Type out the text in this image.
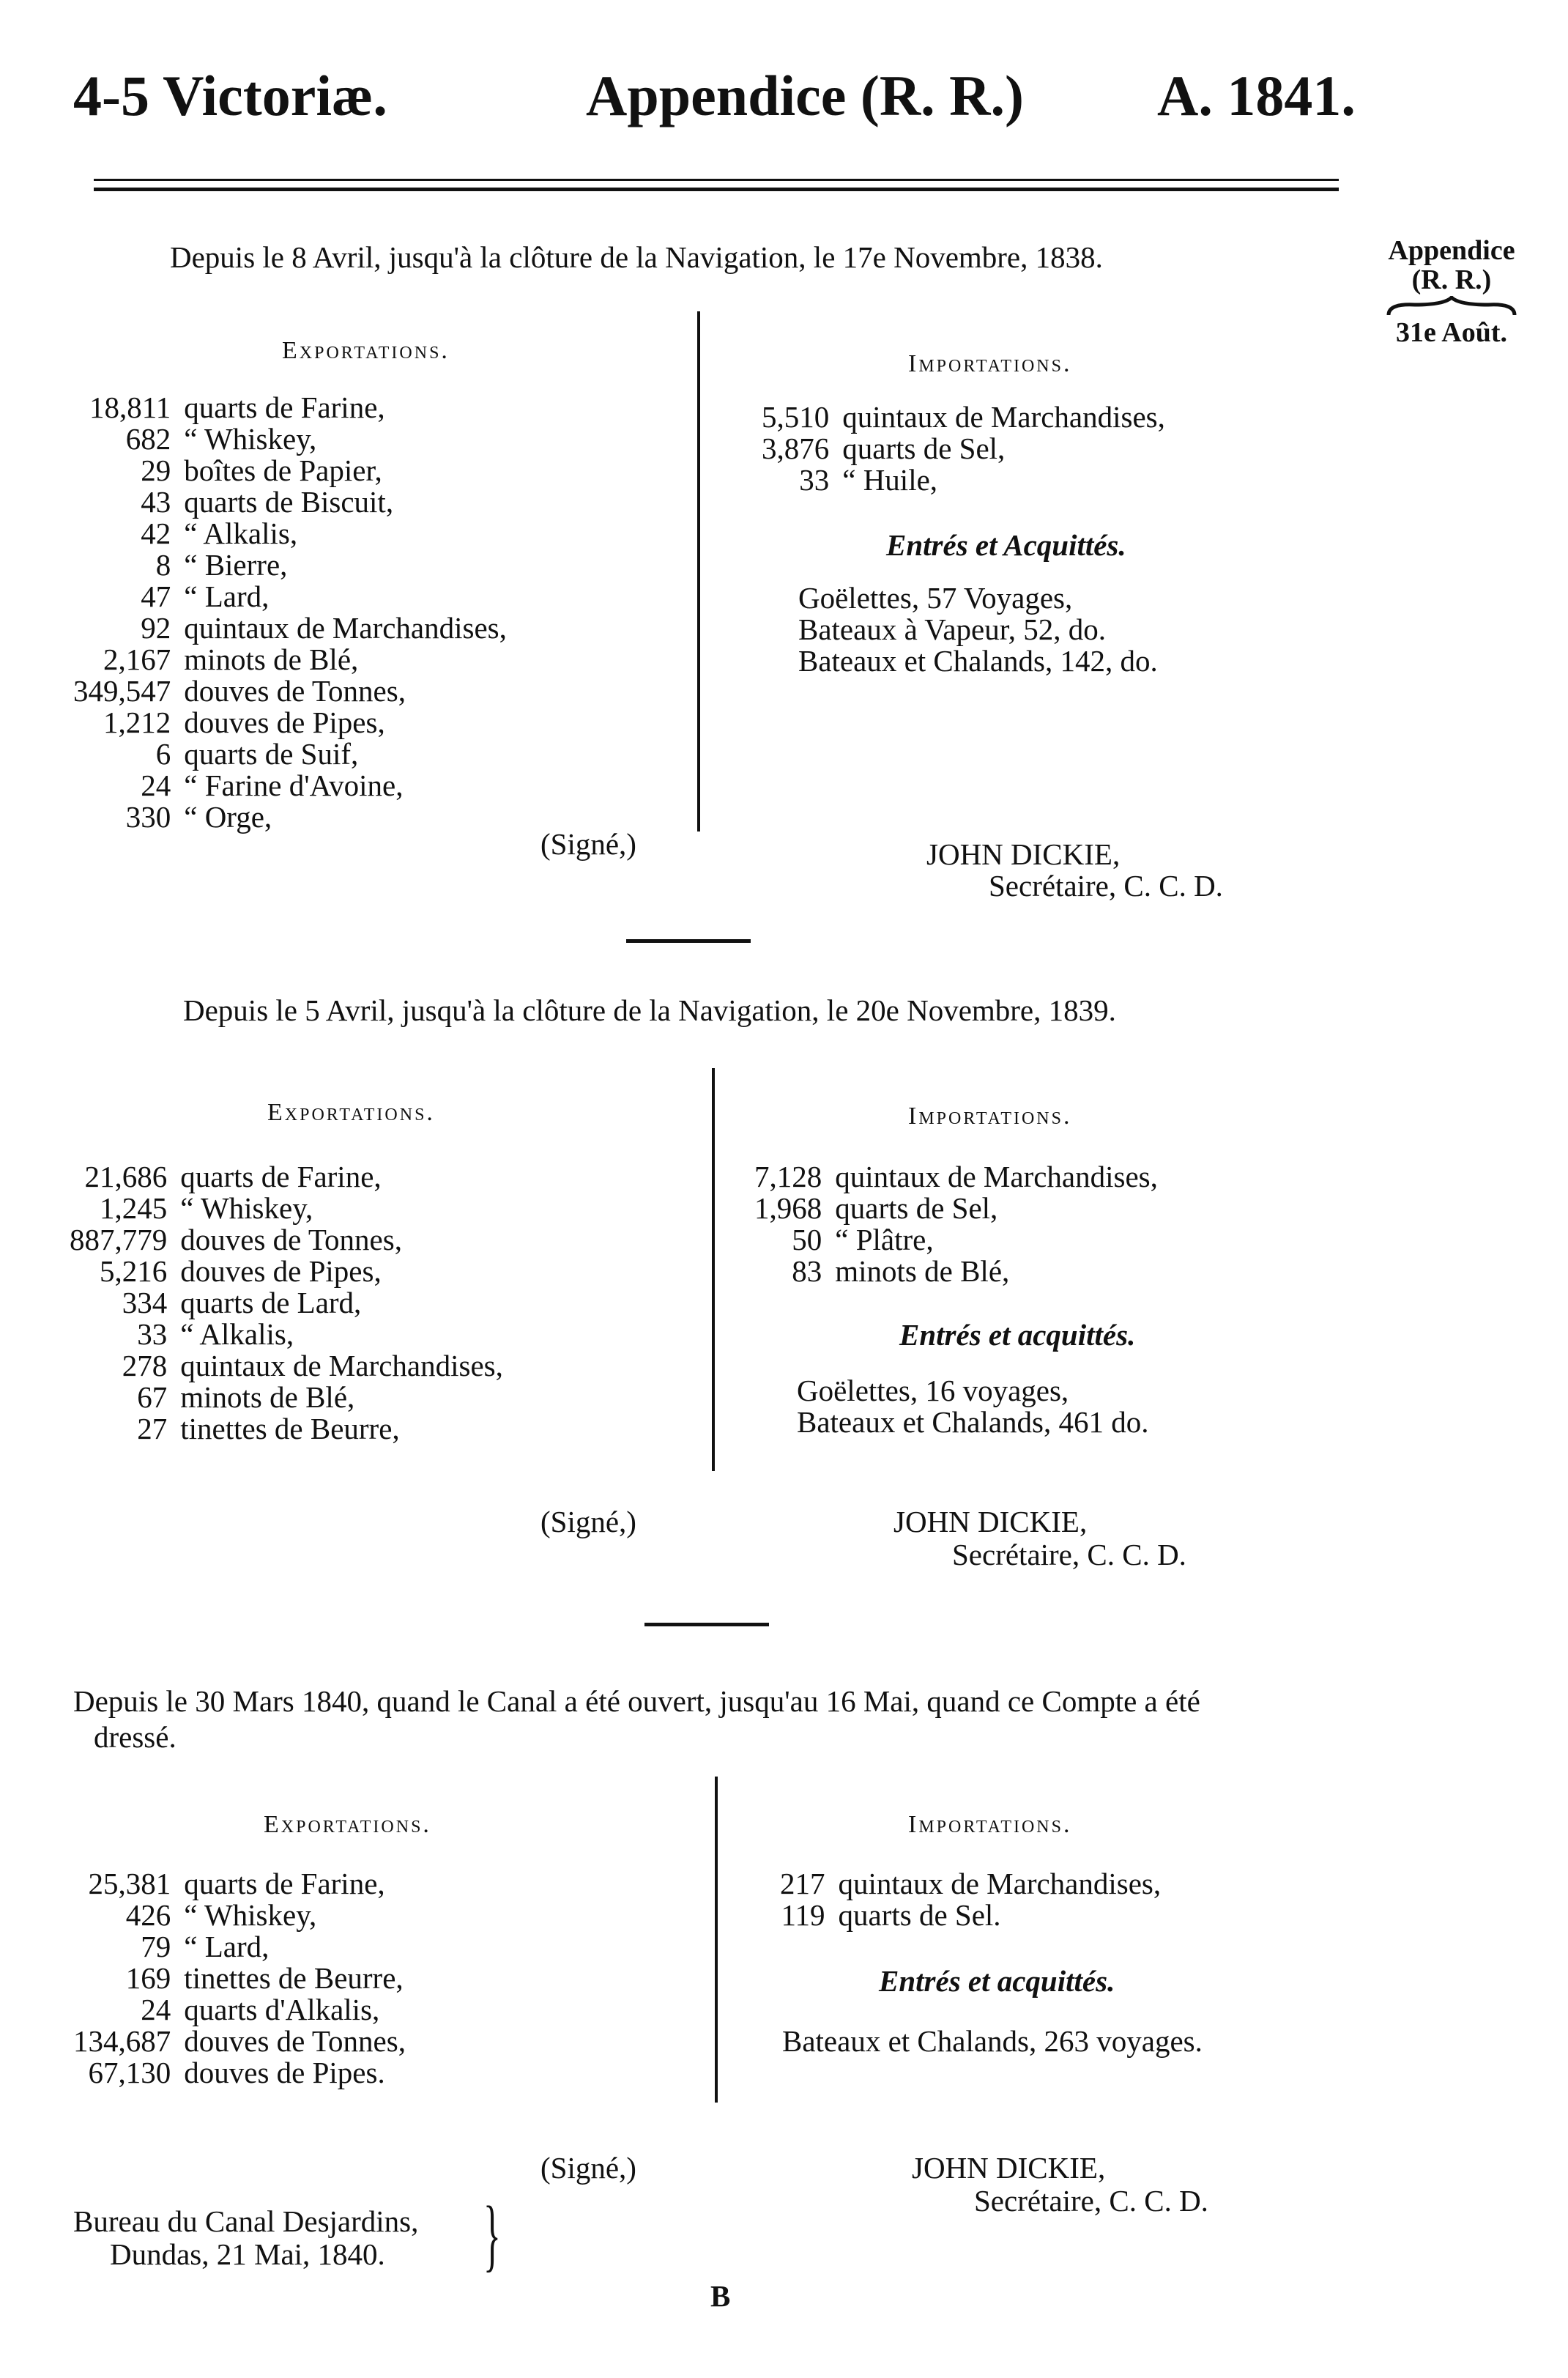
4-5 Victoriæ.	Appendice (R. R.) A. 1841.
Appendice
(R. R.)
31e Août.
Depuis le 8 Avril, jusqu'à la clôture de la Navigation, le 17e Novembre, 1838.
Exportations.
18,811	quarts de Farine,
682	“ Whiskey,
29	boîtes de Papier,
43	quarts de Biscuit,
42	“ Alkalis,
8	“ Bierre,
47	“ Lard,
92	quintaux de Marchandises,
2,167	minots de Blé,
349,547	douves de Tonnes,
1,212	douves de Pipes,
6	quarts de Suif,
24	“ Farine d'Avoine,
330	“ Orge,
Importations.
5,510	quintaux de Marchandises,
3,876	quarts de Sel,
33	“ Huile,
Entrés et Acquittés.
Goëlettes, 57 Voyages,
Bateaux à Vapeur, 52, do.
Bateaux et Chalands, 142, do.
(Signé,)	JOHN DICKIE,
Secrétaire, C. C. D.
Depuis le 5 Avril, jusqu'à la clôture de la Navigation, le 20e Novembre, 1839.
Exportations.
21,686	quarts de Farine,
1,245	“ Whiskey,
887,779	douves de Tonnes,
5,216	douves de Pipes,
334	quarts de Lard,
33	“ Alkalis,
278	quintaux de Marchandises,
67	minots de Blé,
27	tinettes de Beurre,
Importations.
7,128	quintaux de Marchandises,
1,968	quarts de Sel,
50	“ Plâtre,
83	minots de Blé,
Entrés et acquittés.
Goëlettes, 16 voyages,
Bateaux et Chalands, 461 do.
(Signé,)	JOHN DICKIE,
Secrétaire, C. C. D.
Depuis le 30 Mars 1840, quand le Canal a été ouvert, jusqu'au 16 Mai, quand ce Compte a été
dressé.
Exportations.
25,381	quarts de Farine,
426	“ Whiskey,
79	“ Lard,
169	tinettes de Beurre,
24	quarts d'Alkalis,
134,687	douves de Tonnes,
67,130	douves de Pipes.
Importations.
217	quintaux de Marchandises,
119	quarts de Sel.
Entrés et acquittés.
Bateaux et Chalands, 263 voyages.
(Signé,)	JOHN DICKIE,
Secrétaire, C. C. D.
Bureau du Canal Desjardins,
Dundas, 21 Mai, 1840.	}
B
